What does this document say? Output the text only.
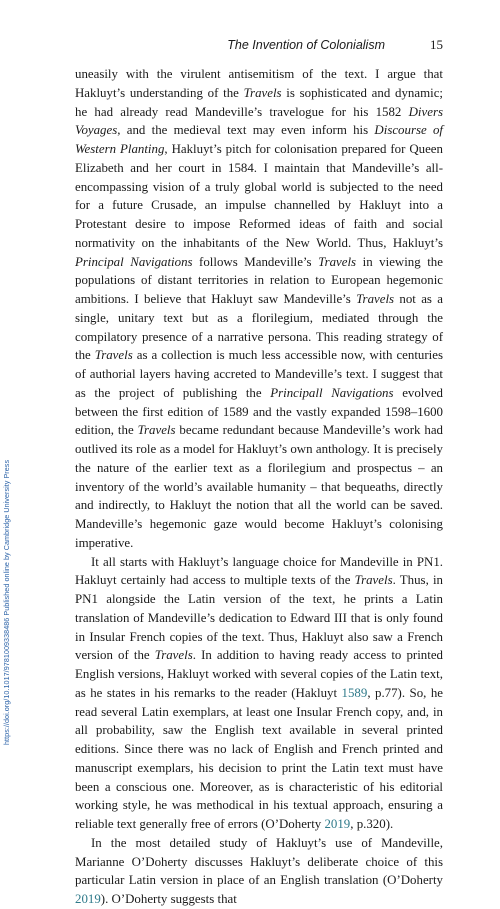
The Invention of Colonialism	15

uneasily with the virulent antisemitism of the text. I argue that Hakluyt’s understanding of the Travels is sophisticated and dynamic; he had already read Mandeville’s travelogue for his 1582 Divers Voyages, and the medieval text may even inform his Discourse of Western Planting, Hakluyt’s pitch for colonisation prepared for Queen Elizabeth and her court in 1584. I maintain that Mandeville’s all-encompassing vision of a truly global world is subjected to the need for a future Crusade, an impulse channelled by Hakluyt into a Protestant desire to impose Reformed ideas of faith and social normativity on the inhabitants of the New World. Thus, Hakluyt’s Principal Navigations follows Mandeville’s Travels in viewing the populations of distant territories in relation to European hegemonic ambitions. I believe that Hakluyt saw Mandeville’s Travels not as a single, unitary text but as a florilegium, mediated through the compilatory presence of a narrative persona. This reading strategy of the Travels as a collection is much less accessible now, with centuries of authorial layers having accreted to Mandeville’s text. I suggest that as the project of publishing the Principall Navigations evolved between the first edition of 1589 and the vastly expanded 1598–1600 edition, the Travels became redundant because Mandeville’s work had outlived its role as a model for Hakluyt’s own anthology. It is precisely the nature of the earlier text as a florilegium and prospectus – an inventory of the world’s available humanity – that bequeaths, directly and indirectly, to Hakluyt the notion that all the world can be saved. Mandeville’s hegemonic gaze would become Hakluyt’s colonising imperative.

It all starts with Hakluyt’s language choice for Mandeville in PN1. Hakluyt certainly had access to multiple texts of the Travels. Thus, in PN1 alongside the Latin version of the text, he prints a Latin translation of Mandeville’s dedication to Edward III that is only found in Insular French copies of the text. Thus, Hakluyt also saw a French version of the Travels. In addition to having ready access to printed English versions, Hakluyt worked with several copies of the Latin text, as he states in his remarks to the reader (Hakluyt 1589, p.77). So, he read several Latin exemplars, at least one Insular French copy, and, in all probability, saw the English text available in several printed editions. Since there was no lack of English and French printed and manuscript exemplars, his decision to print the Latin text must have been a conscious one. Moreover, as is characteristic of his editorial working style, he was methodical in his textual approach, ensuring a reliable text generally free of errors (O’Doherty 2019, p.320).

In the most detailed study of Hakluyt’s use of Mandeville, Marianne O’Doherty discusses Hakluyt’s deliberate choice of this particular Latin version in place of an English translation (O’Doherty 2019). O’Doherty suggests that

https://doi.org/10.1017/9781009338486 Published online by Cambridge University Press
